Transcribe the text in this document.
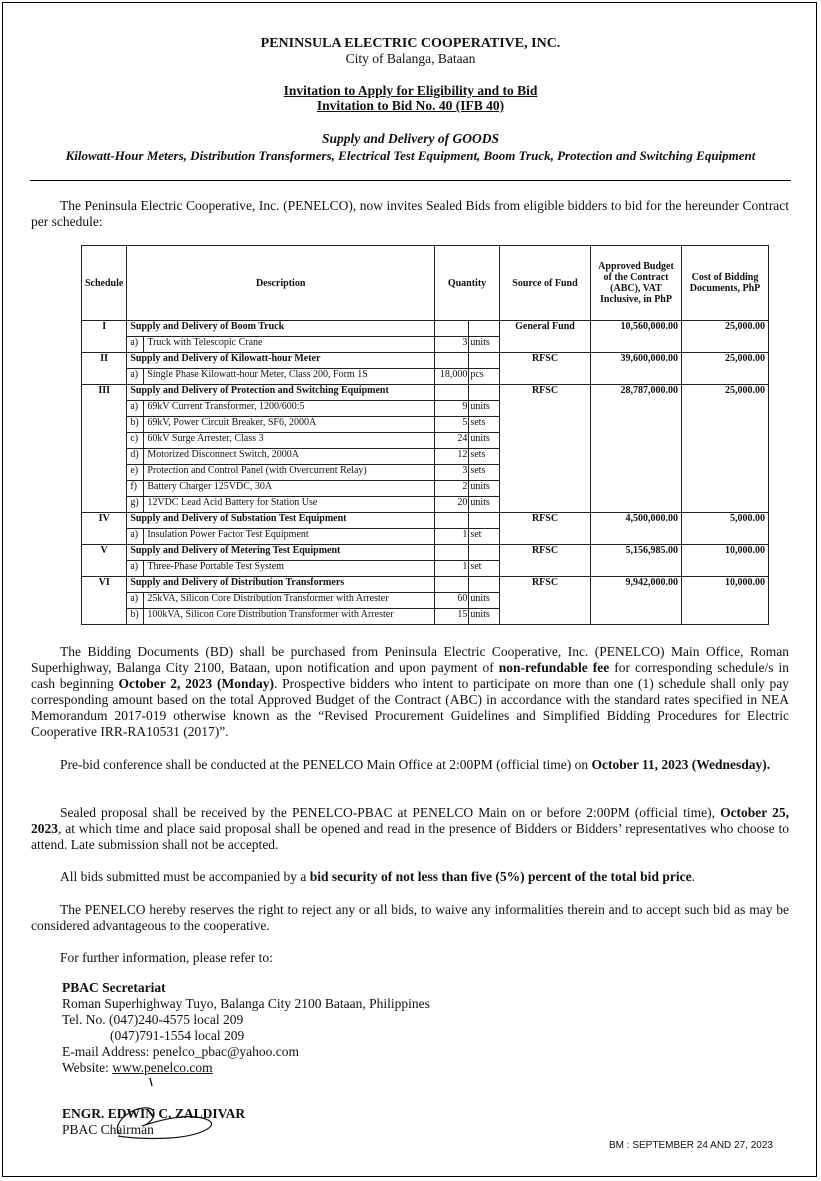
PENINSULA ELECTRIC COOPERATIVE, INC.
City of Balanga, Bataan
Invitation to Apply for Eligibility and to Bid
Invitation to Bid No. 40 (IFB 40)
Supply and Delivery of GOODS
Kilowatt-Hour Meters, Distribution Transformers, Electrical Test Equipment, Boom Truck, Protection and Switching Equipment
The Peninsula Electric Cooperative, Inc. (PENELCO), now invites Sealed Bids from eligible bidders to bid for the hereunder Contract per schedule:
Schedule	Description		Quantity		Source of Fund	Approved Budget of the Contract (ABC), VAT Inclusive, in PhP	Cost of Bidding Documents, PhP
I	Supply and Delivery of Boom Truck				General Fund	10,560,000.00	25,000.00
	a)	Truck with Telescopic Crane	3	units			
II	Supply and Delivery of Kilowatt-hour Meter				RFSC	39,600,000.00	25,000.00
	a)	Single Phase Kilowatt-hour Meter, Class 200, Form 1S	18,000	pcs			
III	Supply and Delivery of Protection and Switching Equipment				RFSC	28,787,000.00	25,000.00
	a)	69kV Current Transformer, 1200/600:5	9	units			
	b)	69kV, Power Circuit Breaker, SF6, 2000A	5	sets			
	c)	60kV Surge Arrester, Class 3	24	units			
	d)	Motorized Disconnect Switch, 2000A	12	sets			
	e)	Protection and Control Panel (with Overcurrent Relay)	3	sets			
	f)	Battery Charger 125VDC, 30A	2	units			
	g)	12VDC Lead Acid Battery for Station Use	20	units			
IV	Supply and Delivery of Substation Test Equipment				RFSC	4,500,000.00	5,000.00
	a)	Insulation Power Factor Test Equipment	1	set			
V	Supply and Delivery of Metering Test Equipment				RFSC	5,156,985.00	10,000.00
	a)	Three-Phase Portable Test System	1	set			
VI	Supply and Delivery of Distribution Transformers				RFSC	9,942,000.00	10,000.00
	a)	25kVA, Silicon Core Distribution Transformer with Arrester	60	units			
	b)	100kVA, Silicon Core Distribution Transformer with Arrester	15	units			
The Bidding Documents (BD) shall be purchased from Peninsula Electric Cooperative, Inc. (PENELCO) Main Office, Roman Superhighway, Balanga City 2100, Bataan, upon notification and upon payment of non-refundable fee for corresponding schedule/s in cash beginning October 2, 2023 (Monday). Prospective bidders who intent to participate on more than one (1) schedule shall only pay corresponding amount based on the total Approved Budget of the Contract (ABC) in accordance with the standard rates specified in NEA Memorandum 2017-019 otherwise known as the “Revised Procurement Guidelines and Simplified Bidding Procedures for Electric Cooperative IRR-RA10531 (2017)”.
Pre-bid conference shall be conducted at the PENELCO Main Office at 2:00PM (official time) on October 11, 2023 (Wednesday).
Sealed proposal shall be received by the PENELCO-PBAC at PENELCO Main on or before 2:00PM (official time), October 25, 2023, at which time and place said proposal shall be opened and read in the presence of Bidders or Bidders’ representatives who choose to attend. Late submission shall not be accepted.
All bids submitted must be accompanied by a bid security of not less than five (5%) percent of the total bid price.
The PENELCO hereby reserves the right to reject any or all bids, to waive any informalities therein and to accept such bid as may be considered advantageous to the cooperative.
For further information, please refer to:
PBAC Secretariat
Roman Superhighway Tuyo, Balanga City 2100 Bataan, Philippines
Tel. No. (047)240-4575 local 209
(047)791-1554 local 209
E-mail Address: penelco_pbac@yahoo.com
Website: www.penelco.com
ENGR. EDWIN C. ZALDIVAR
PBAC Chairman
BM : SEPTEMBER 24 AND 27, 2023
